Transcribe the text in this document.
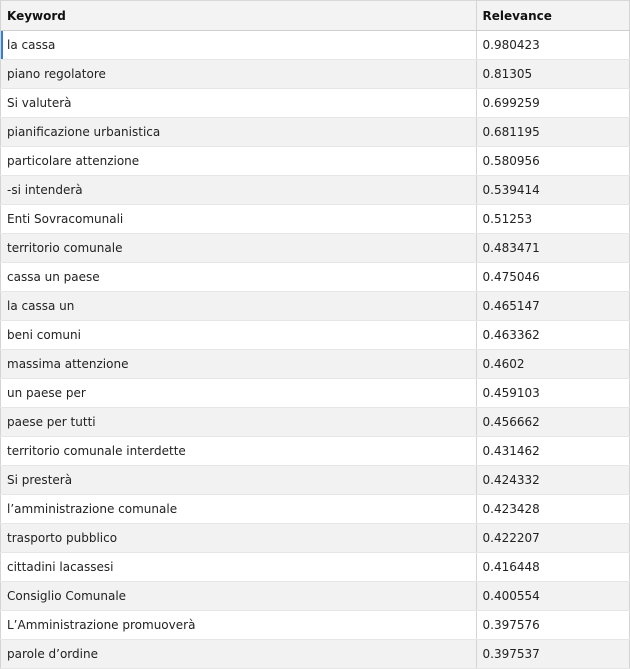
Keyword	Relevance
la cassa	0.980423
piano regolatore	0.81305
Si valuterà	0.699259
pianificazione urbanistica	0.681195
particolare attenzione	0.580956
-si intenderà	0.539414
Enti Sovracomunali	0.51253
territorio comunale	0.483471
cassa un paese	0.475046
la cassa un	0.465147
beni comuni	0.463362
massima attenzione	0.4602
un paese per	0.459103
paese per tutti	0.456662
territorio comunale interdette	0.431462
Si presterà	0.424332
l’amministrazione comunale	0.423428
trasporto pubblico	0.422207
cittadini lacassesi	0.416448
Consiglio Comunale	0.400554
L’Amministrazione promuoverà	0.397576
parole d’ordine	0.397537
